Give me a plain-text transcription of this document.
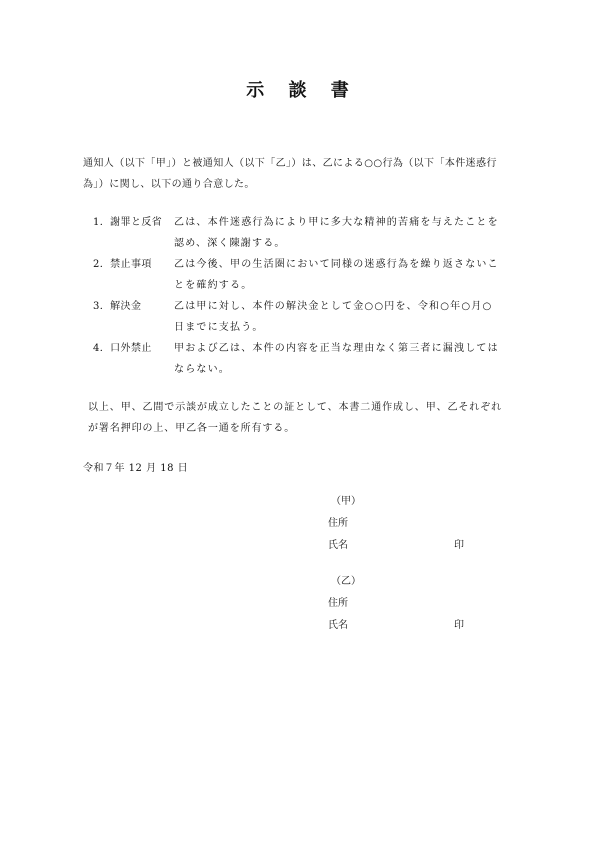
示 談 書
通知人（以下「甲」）と被通知人（以下「乙」）は、乙による○○行為（以下「本件迷惑行為」）に関し、以下の通り合意した。
1．謝罪と反省	乙は、本件迷惑行為により甲に多大な精神的苦痛を与えたことを認め、深く陳謝する。
2．禁止事項	乙は今後、甲の生活圏において同様の迷惑行為を繰り返さないことを確約する。
3．解決金	乙は甲に対し、本件の解決金として金○○円を、令和○年○月○日までに支払う。
4．口外禁止	甲および乙は、本件の内容を正当な理由なく第三者に漏洩してはならない。
以上、甲、乙間で示談が成立したことの証として、本書二通作成し、甲、乙それぞれが署名押印の上、甲乙各一通を所有する。
令和７年 12 月 18 日
（甲）
住所
氏名	印
（乙）
住所
氏名	印
